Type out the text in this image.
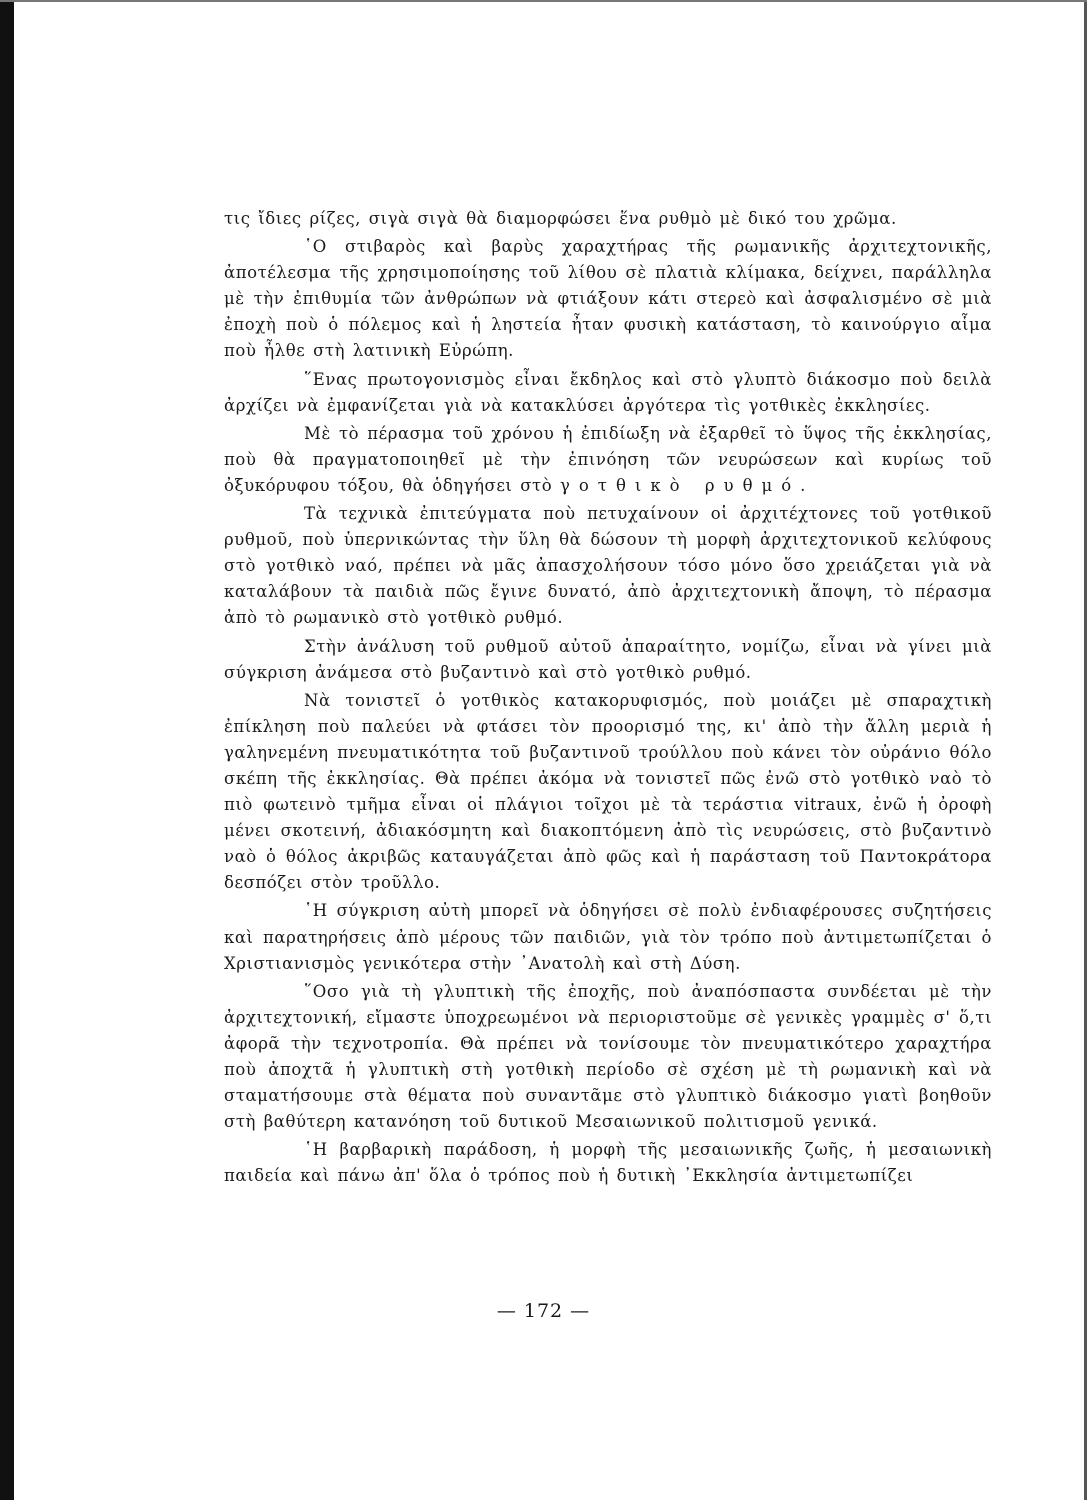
τις ἴδιες ρίζες, σιγὰ σιγὰ θὰ διαμορφώσει ἕνα ρυθμὸ μὲ δικό του χρῶμα.

῾Ο στιβαρὸς καὶ βαρὺς χαραχτήρας τῆς ρωμανικῆς ἀρχιτεχτονικῆς, ἀποτέλεσμα τῆς χρησιμοποίησης τοῦ λίθου σὲ πλατιὰ κλίμακα, δείχνει, παράλληλα μὲ τὴν ἐπιθυμία τῶν ἀνθρώπων νὰ φτιάξουν κάτι στερεὸ καὶ ἀσφαλισμένο σὲ μιὰ ἐποχὴ ποὺ ὁ πόλεμος καὶ ἡ ληστεία ἦταν φυσικὴ κατάσταση, τὸ καινούργιο αἷμα ποὺ ἦλθε στὴ λατινικὴ Εὐρώπη.

῞Ενας πρωτογονισμὸς εἶναι ἔκδηλος καὶ στὸ γλυπτὸ διάκοσμο ποὺ δειλὰ ἀρχίζει νὰ ἐμφανίζεται γιὰ νὰ κατακλύσει ἀργότερα τὶς γοτθικὲς ἐκκλησίες.

Μὲ τὸ πέρασμα τοῦ χρόνου ἡ ἐπιδίωξη νὰ ἐξαρθεῖ τὸ ὕψος τῆς ἐκκλησίας, ποὺ θὰ πραγματοποιηθεῖ μὲ τὴν ἐπινόηση τῶν νευρώσεων καὶ κυρίως τοῦ ὀξυκόρυφου τόξου, θὰ ὁδηγήσει στὸ γοτθικὸ ρυθμό.

Τὰ τεχνικὰ ἐπιτεύγματα ποὺ πετυχαίνουν οἱ ἀρχιτέχτονες τοῦ γοτθικοῦ ρυθμοῦ, ποὺ ὑπερνικώντας τὴν ὕλη θὰ δώσουν τὴ μορφὴ ἀρχιτεχτονικοῦ κελύφους στὸ γοτθικὸ ναό, πρέπει νὰ μᾶς ἀπασχολήσουν τόσο μόνο ὅσο χρειάζεται γιὰ νὰ καταλάβουν τὰ παιδιὰ πῶς ἔγινε δυνατό, ἀπὸ ἀρχιτεχτονικὴ ἄποψη, τὸ πέρασμα ἀπὸ τὸ ρωμανικὸ στὸ γοτθικὸ ρυθμό.

Στὴν ἀνάλυση τοῦ ρυθμοῦ αὐτοῦ ἀπαραίτητο, νομίζω, εἶναι νὰ γίνει μιὰ σύγκριση ἀνάμεσα στὸ βυζαντινὸ καὶ στὸ γοτθικὸ ρυθμό.

Νὰ τονιστεῖ ὁ γοτθικὸς κατακορυφισμός, ποὺ μοιάζει μὲ σπαραχτικὴ ἐπίκληση ποὺ παλεύει νὰ φτάσει τὸν προορισμό της, κι' ἀπὸ τὴν ἄλλη μεριὰ ἡ γαληνεμένη πνευματικότητα τοῦ βυζαντινοῦ τρούλλου ποὺ κάνει τὸν οὐράνιο θόλο σκέπη τῆς ἐκκλησίας. Θὰ πρέπει ἀκόμα νὰ τονιστεῖ πῶς ἐνῶ στὸ γοτθικὸ ναὸ τὸ πιὸ φωτεινὸ τμῆμα εἶναι οἱ πλάγιοι τοῖχοι μὲ τὰ τεράστια vitraux, ἐνῶ ἡ ὀροφὴ μένει σκοτεινή, ἀδιακόσμητη καὶ διακοπτόμενη ἀπὸ τὶς νευρώσεις, στὸ βυζαντινὸ ναὸ ὁ θόλος ἀκριβῶς καταυγάζεται ἀπὸ φῶς καὶ ἡ παράσταση τοῦ Παντοκράτορα δεσπόζει στὸν τροῦλλο.

῾Η σύγκριση αὐτὴ μπορεῖ νὰ ὁδηγήσει σὲ πολὺ ἐνδιαφέρουσες συζητήσεις καὶ παρατηρήσεις ἀπὸ μέρους τῶν παιδιῶν, γιὰ τὸν τρόπο ποὺ ἀντιμετωπίζεται ὁ Χριστιανισμὸς γενικότερα στὴν ᾿Ανατολὴ καὶ στὴ Δύση.

῞Οσο γιὰ τὴ γλυπτικὴ τῆς ἐποχῆς, ποὺ ἀναπόσπαστα συνδέεται μὲ τὴν ἀρχιτεχτονική, εἴμαστε ὑποχρεωμένοι νὰ περιοριστοῦμε σὲ γενικὲς γραμμὲς σ' ὅ,τι ἀφορᾶ τὴν τεχνοτροπία. Θὰ πρέπει νὰ τονίσουμε τὸν πνευματικότερο χαραχτήρα ποὺ ἀποχτᾶ ἡ γλυπτικὴ στὴ γοτθικὴ περίοδο σὲ σχέση μὲ τὴ ρωμανικὴ καὶ νὰ σταματήσουμε στὰ θέματα ποὺ συναντᾶμε στὸ γλυπτικὸ διάκοσμο γιατὶ βοηθοῦν στὴ βαθύτερη κατανόηση τοῦ δυτικοῦ Μεσαιωνικοῦ πολιτισμοῦ γενικά.

῾Η βαρβαρικὴ παράδοση, ἡ μορφὴ τῆς μεσαιωνικῆς ζωῆς, ἡ μεσαιωνικὴ παιδεία καὶ πάνω ἀπ' ὅλα ὁ τρόπος ποὺ ἡ δυτικὴ ᾿Εκκλησία ἀντιμετωπίζει

— 172 —
